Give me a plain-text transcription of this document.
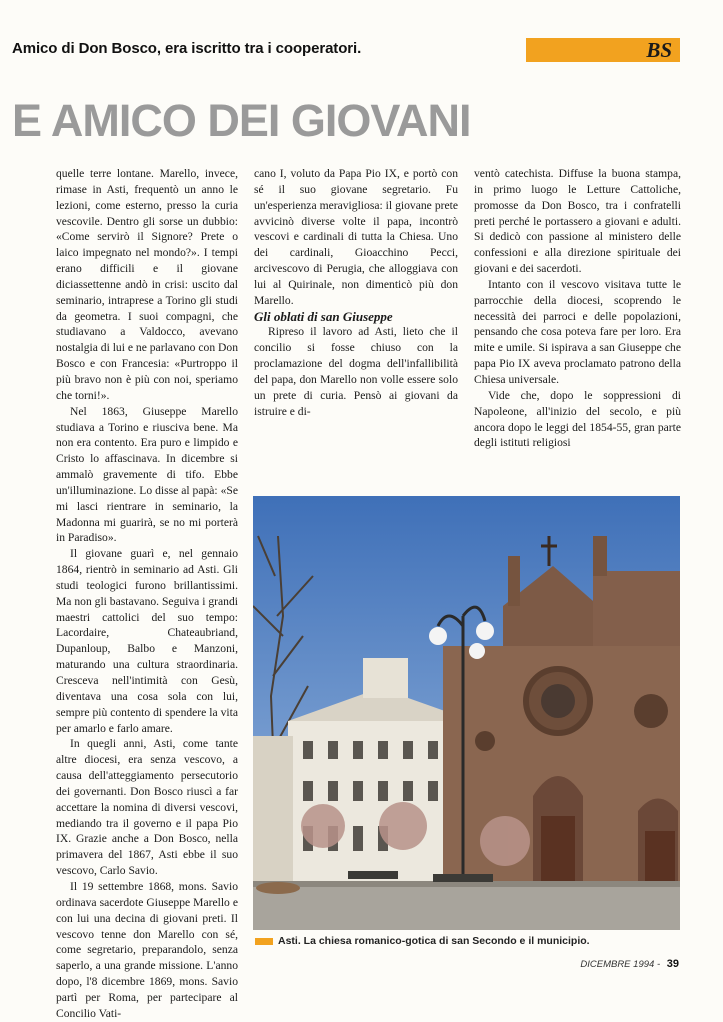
Amico di Don Bosco, era iscritto tra i cooperatori.	BS
E AMICO DEI GIOVANI

quelle terre lontane. Marello, invece, rimase in Asti, frequentò un anno le lezioni, come esterno, presso la curia vescovile. Dentro gli sorse un dubbio: «Come servirò il Signore? Prete o laico impegnato nel mondo?». I tempi erano difficili e il giovane diciassettenne andò in crisi: uscito dal seminario, intraprese a Torino gli studi da geometra. I suoi compagni, che studiavano a Valdocco, avevano nostalgia di lui e ne parlavano con Don Bosco e con Francesia: «Purtroppo il più bravo non è più con noi, speriamo che torni!».

Nel 1863, Giuseppe Marello studiava a Torino e riusciva bene. Ma non era contento. Era puro e limpido e Cristo lo affascinava. In dicembre si ammalò gravemente di tifo. Ebbe un'illuminazione. Lo disse al papà: «Se mi lasci rientrare in seminario, la Madonna mi guarirà, se no mi porterà in Paradiso».

Il giovane guarì e, nel gennaio 1864, rientrò in seminario ad Asti. Gli studi teologici furono brillantissimi. Ma non gli bastavano. Seguiva i grandi maestri cattolici del suo tempo: Lacordaire, Chateaubriand, Dupanloup, Balbo e Manzoni, maturando una cultura straordinaria. Cresceva nell'intimità con Gesù, diventava una cosa sola con lui, sempre più contento di spendere la vita per amarlo e farlo amare.

In quegli anni, Asti, come tante altre diocesi, era senza vescovo, a causa dell'atteggiamento persecutorio dei governanti. Don Bosco riuscì a far accettare la nomina di diversi vescovi, mediando tra il governo e il papa Pio IX. Grazie anche a Don Bosco, nella primavera del 1867, Asti ebbe il suo vescovo, Carlo Savio.

Il 19 settembre 1868, mons. Savio ordinava sacerdote Giuseppe Marello e con lui una decina di giovani preti. Il vescovo tenne don Marello con sé, come segretario, preparandolo, senza saperlo, a una grande missione. L'anno dopo, l'8 dicembre 1869, mons. Savio partì per Roma, per partecipare al Concilio Vati-

cano I, voluto da Papa Pio IX, e portò con sé il suo giovane segretario. Fu un'esperienza meravigliosa: il giovane prete avvicinò diverse volte il papa, incontrò vescovi e cardinali di tutta la Chiesa. Uno dei cardinali, Gioacchino Pecci, arcivescovo di Perugia, che alloggiava con lui al Quirinale, non dimenticò più don Marello.

Gli oblati di san Giuseppe

Ripreso il lavoro ad Asti, lieto che il concilio si fosse chiuso con la proclamazione del dogma dell'infallibilità del papa, don Marello non volle essere solo un prete di curia. Pensò ai giovani da istruire e di-

ventò catechista. Diffuse la buona stampa, in primo luogo le Letture Cattoliche, promosse da Don Bosco, tra i confratelli preti perché le portassero a giovani e adulti. Si dedicò con passione al ministero delle confessioni e alla direzione spirituale dei giovani e dei sacerdoti.

Intanto con il vescovo visitava tutte le parrocchie della diocesi, scoprendo le necessità dei parroci e delle popolazioni, pensando che cosa poteva fare per loro. Era mite e umile. Si ispirava a san Giuseppe che papa Pio IX aveva proclamato patrono della Chiesa universale.

Vide che, dopo le soppressioni di Napoleone, all'inizio del secolo, e più ancora dopo le leggi del 1854-55, gran parte degli istituti religiosi

Asti. La chiesa romanico-gotica di san Secondo e il municipio.
DICEMBRE 1994 - 39
